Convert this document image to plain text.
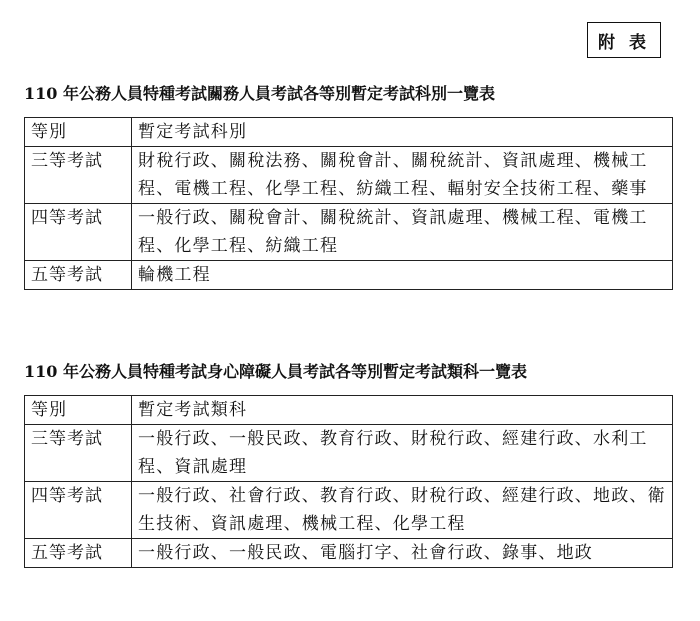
附 表
110 年公務人員特種考試關務人員考試各等別暫定考試科別一覽表
等別	暫定考試科別
三等考試	財稅行政、關稅法務、關稅會計、關稅統計、資訊處理、機械工程、電機工程、化學工程、紡織工程、輻射安全技術工程、藥事
四等考試	一般行政、關稅會計、關稅統計、資訊處理、機械工程、電機工程、化學工程、紡織工程
五等考試	輪機工程
110 年公務人員特種考試身心障礙人員考試各等別暫定考試類科一覽表
等別	暫定考試類科
三等考試	一般行政、一般民政、教育行政、財稅行政、經建行政、水利工程、資訊處理
四等考試	一般行政、社會行政、教育行政、財稅行政、經建行政、地政、衛生技術、資訊處理、機械工程、化學工程
五等考試	一般行政、一般民政、電腦打字、社會行政、錄事、地政
